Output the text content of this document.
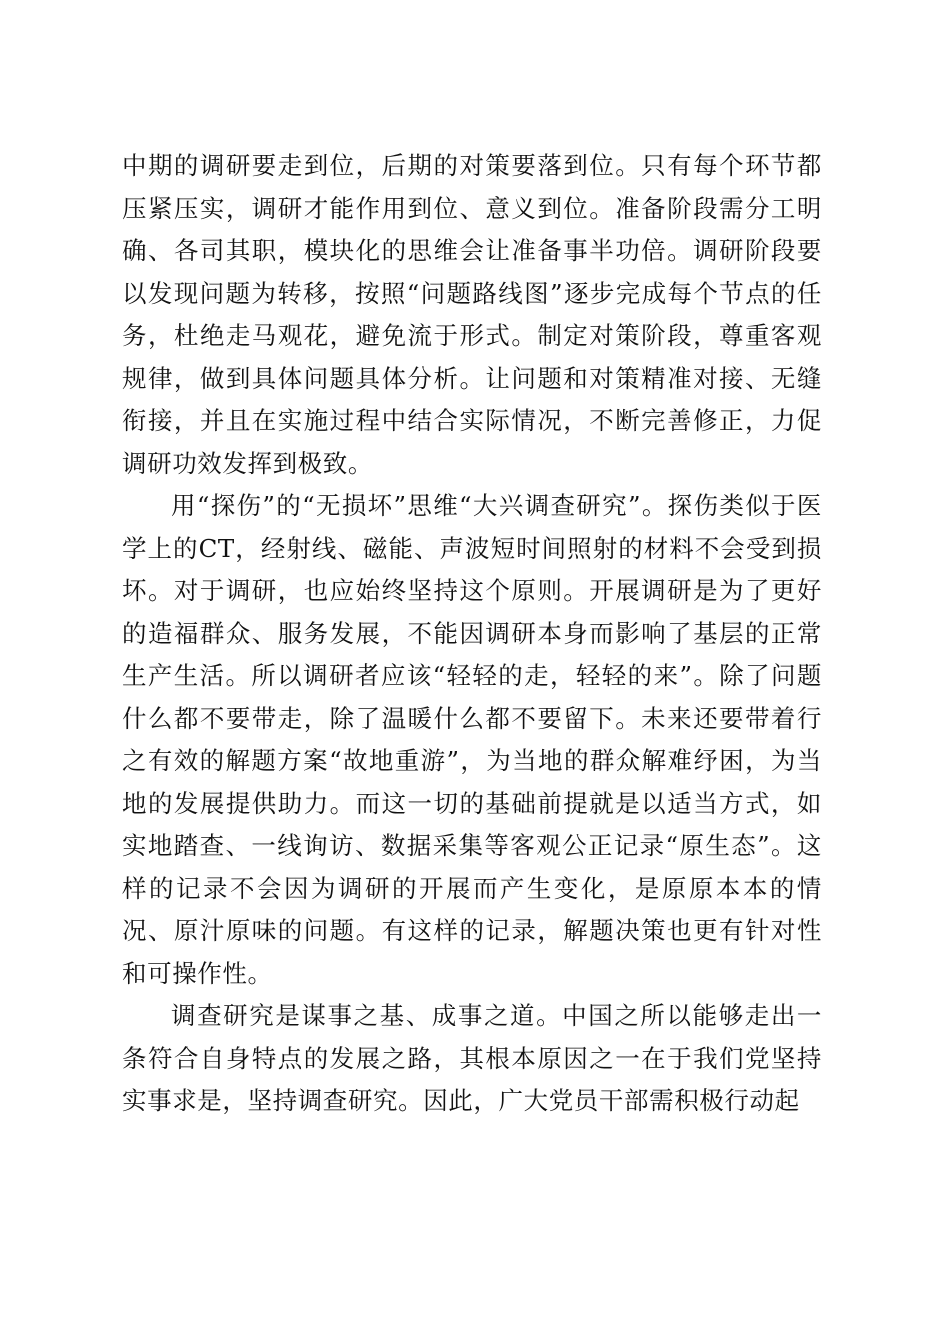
中期的调研要走到位，后期的对策要落到位。只有每个环节都压紧压实，调研才能作用到位、意义到位。准备阶段需分工明确、各司其职，模块化的思维会让准备事半功倍。调研阶段要以发现问题为转移，按照“问题路线图”逐步完成每个节点的任务，杜绝走马观花，避免流于形式。制定对策阶段，尊重客观规律，做到具体问题具体分析。让问题和对策精准对接、无缝衔接，并且在实施过程中结合实际情况，不断完善修正，力促调研功效发挥到极致。

用“探伤”的“无损坏”思维“大兴调查研究”。探伤类似于医学上的CT，经射线、磁能、声波短时间照射的材料不会受到损坏。对于调研，也应始终坚持这个原则。开展调研是为了更好的造福群众、服务发展，不能因调研本身而影响了基层的正常生产生活。所以调研者应该“轻轻的走，轻轻的来”。除了问题什么都不要带走，除了温暖什么都不要留下。未来还要带着行之有效的解题方案“故地重游”，为当地的群众解难纾困，为当地的发展提供助力。而这一切的基础前提就是以适当方式，如实地踏查、一线询访、数据采集等客观公正记录“原生态”。这样的记录不会因为调研的开展而产生变化，是原原本本的情况、原汁原味的问题。有这样的记录，解题决策也更有针对性和可操作性。

调查研究是谋事之基、成事之道。中国之所以能够走出一条符合自身特点的发展之路，其根本原因之一在于我们党坚持实事求是，坚持调查研究。因此，广大党员干部需积极行动起
